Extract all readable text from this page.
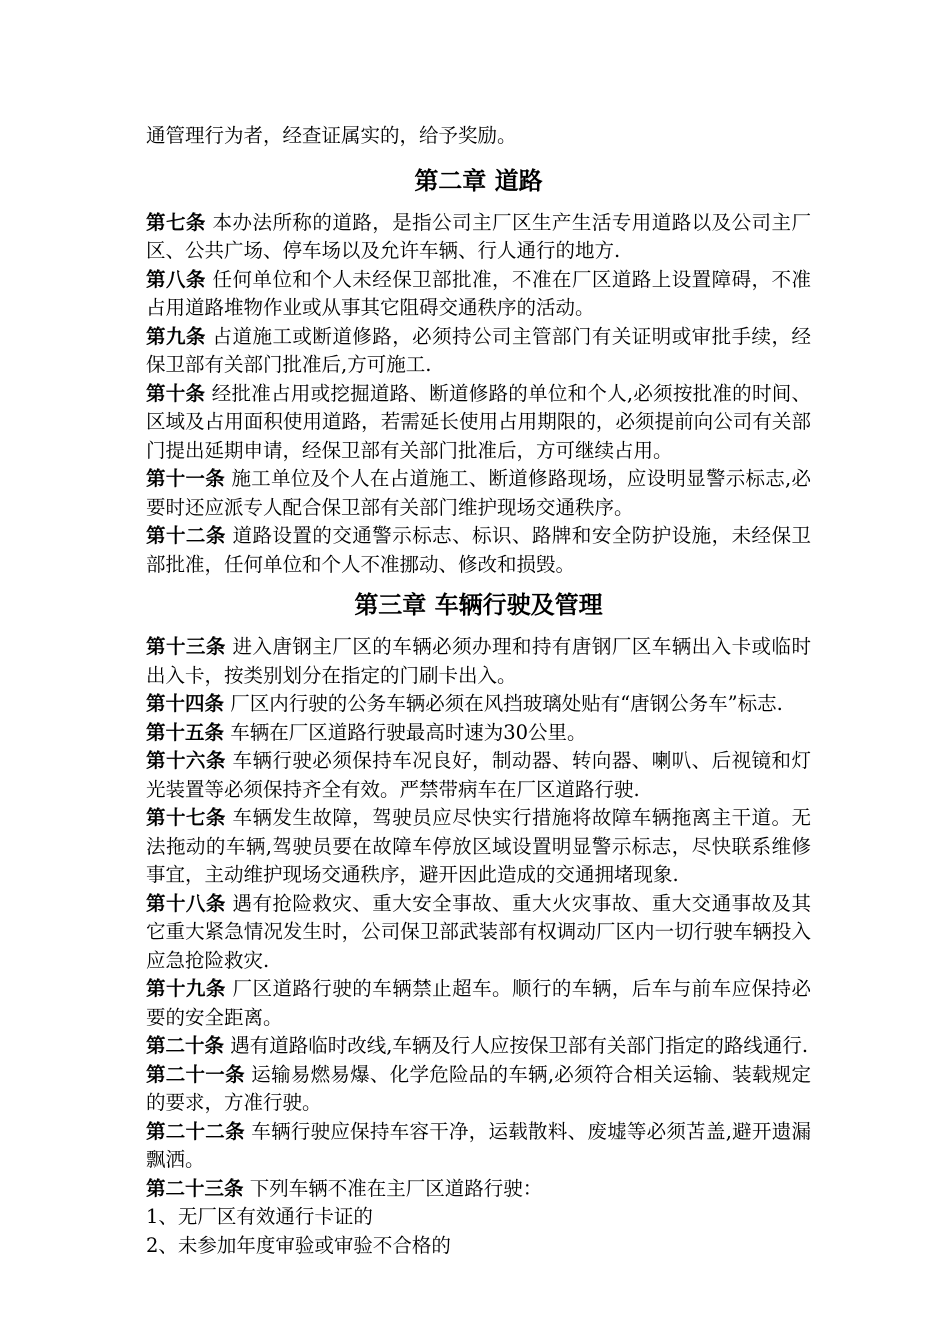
通管理行为者，经查证属实的，给予奖励。

第二章 道路

第七条 本办法所称的道路，是指公司主厂区生产生活专用道路以及公司主厂区、公共广场、停车场以及允许车辆、行人通行的地方.

第八条 任何单位和个人未经保卫部批准，不准在厂区道路上设置障碍，不准占用道路堆物作业或从事其它阻碍交通秩序的活动。

第九条 占道施工或断道修路，必须持公司主管部门有关证明或审批手续，经保卫部有关部门批准后,方可施工.

第十条 经批准占用或挖掘道路、断道修路的单位和个人,必须按批准的时间、区域及占用面积使用道路，若需延长使用占用期限的，必须提前向公司有关部门提出延期申请，经保卫部有关部门批准后，方可继续占用。

第十一条 施工单位及个人在占道施工、断道修路现场，应设明显警示标志,必要时还应派专人配合保卫部有关部门维护现场交通秩序。

第十二条 道路设置的交通警示标志、标识、路牌和安全防护设施，未经保卫部批准，任何单位和个人不准挪动、修改和损毁。

第三章 车辆行驶及管理

第十三条 进入唐钢主厂区的车辆必须办理和持有唐钢厂区车辆出入卡或临时出入卡，按类别划分在指定的门刷卡出入。

第十四条 厂区内行驶的公务车辆必须在风挡玻璃处贴有“唐钢公务车”标志.

第十五条 车辆在厂区道路行驶最高时速为30公里。

第十六条 车辆行驶必须保持车况良好，制动器、转向器、喇叭、后视镜和灯光装置等必须保持齐全有效。严禁带病车在厂区道路行驶.

第十七条 车辆发生故障，驾驶员应尽快实行措施将故障车辆拖离主干道。无法拖动的车辆,驾驶员要在故障车停放区域设置明显警示标志，尽快联系维修事宜，主动维护现场交通秩序，避开因此造成的交通拥堵现象.

第十八条 遇有抢险救灾、重大安全事故、重大火灾事故、重大交通事故及其它重大紧急情况发生时，公司保卫部武装部有权调动厂区内一切行驶车辆投入应急抢险救灾.

第十九条 厂区道路行驶的车辆禁止超车。顺行的车辆，后车与前车应保持必要的安全距离。

第二十条 遇有道路临时改线,车辆及行人应按保卫部有关部门指定的路线通行.

第二十一条 运输易燃易爆、化学危险品的车辆,必须符合相关运输、装载规定的要求，方准行驶。

第二十二条 车辆行驶应保持车容干净，运载散料、废墟等必须苫盖,避开遗漏飘洒。

第二十三条 下列车辆不准在主厂区道路行驶：

1、无厂区有效通行卡证的

2、未参加年度审验或审验不合格的
